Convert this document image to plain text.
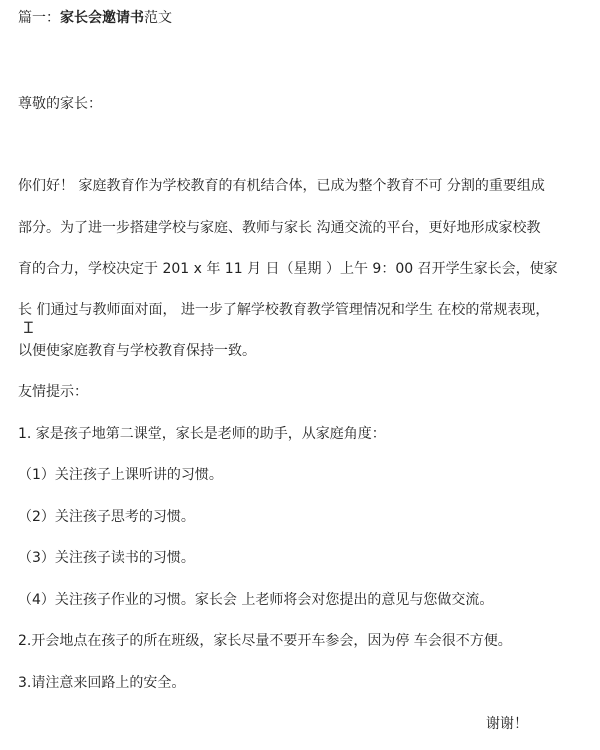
篇一：家长会邀请书范文
尊敬的家长：
你们好！ 家庭教育作为学校教育的有机结合体，已成为整个教育不可 分割的重要组成
部分。为了进一步搭建学校与家庭、教师与家长 沟通交流的平台，更好地形成家校教
育的合力，学校决定于 201 x 年 11 月 日（星期 ）上午 9：00 召开学生家长会，使家
长 们通过与教师面对面， 进一步了解学校教育教学管理情况和学生 在校的常规表现，
以便使家庭教育与学校教育保持一致。
Ɪ
友情提示：
1. 家是孩子地第二课堂，家长是老师的助手，从家庭角度：
（1）关注孩子上课听讲的习惯。
（2）关注孩子思考的习惯。
（3）关注孩子读书的习惯。
（4）关注孩子作业的习惯。家长会 上老师将会对您提出的意见与您做交流。
2.开会地点在孩子的所在班级，家长尽量不要开车参会，因为停 车会很不方便。
3.请注意来回路上的安全。
谢谢！
